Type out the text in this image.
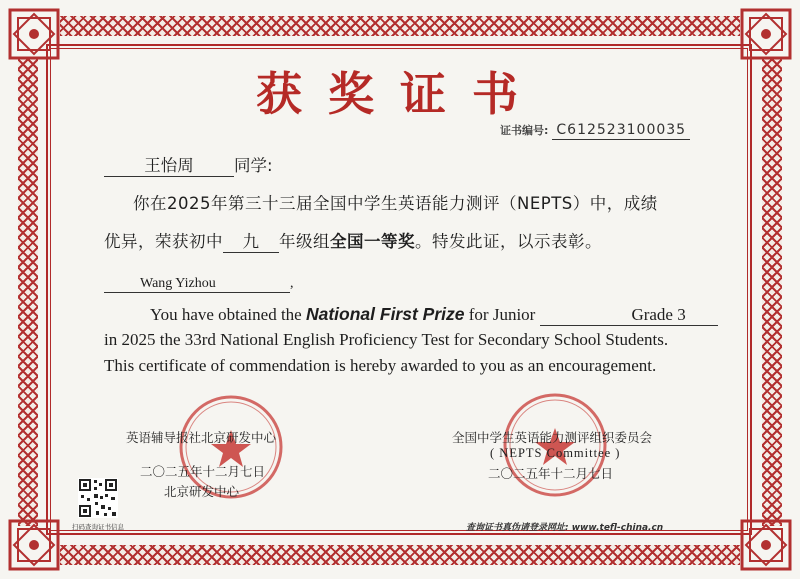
获奖证书
证书编号: C612523100035
王怡周 同学:
你在2025年第三十三届全国中学生英语能力测评（NEPTS）中，成绩
优异，荣获初中 九 年级组全国一等奖。特发此证，以示表彰。
Wang Yizhou	,
You have obtained the National First Prize for Junior	Grade 3
in 2025 the 33rd National English Proficiency Test for Secondary School Students.
This certificate of commendation is hereby awarded to you as an encouragement.
英语辅导报社北京研发中心
二〇二五年十二月七日
北京研发中心
全国中学生英语能力测评组织委员会
( NEPTS Committee )
二〇二五年十二月七日
扫码查询证书信息	查询证书真伪请登录网址: www.tefl-china.cn
